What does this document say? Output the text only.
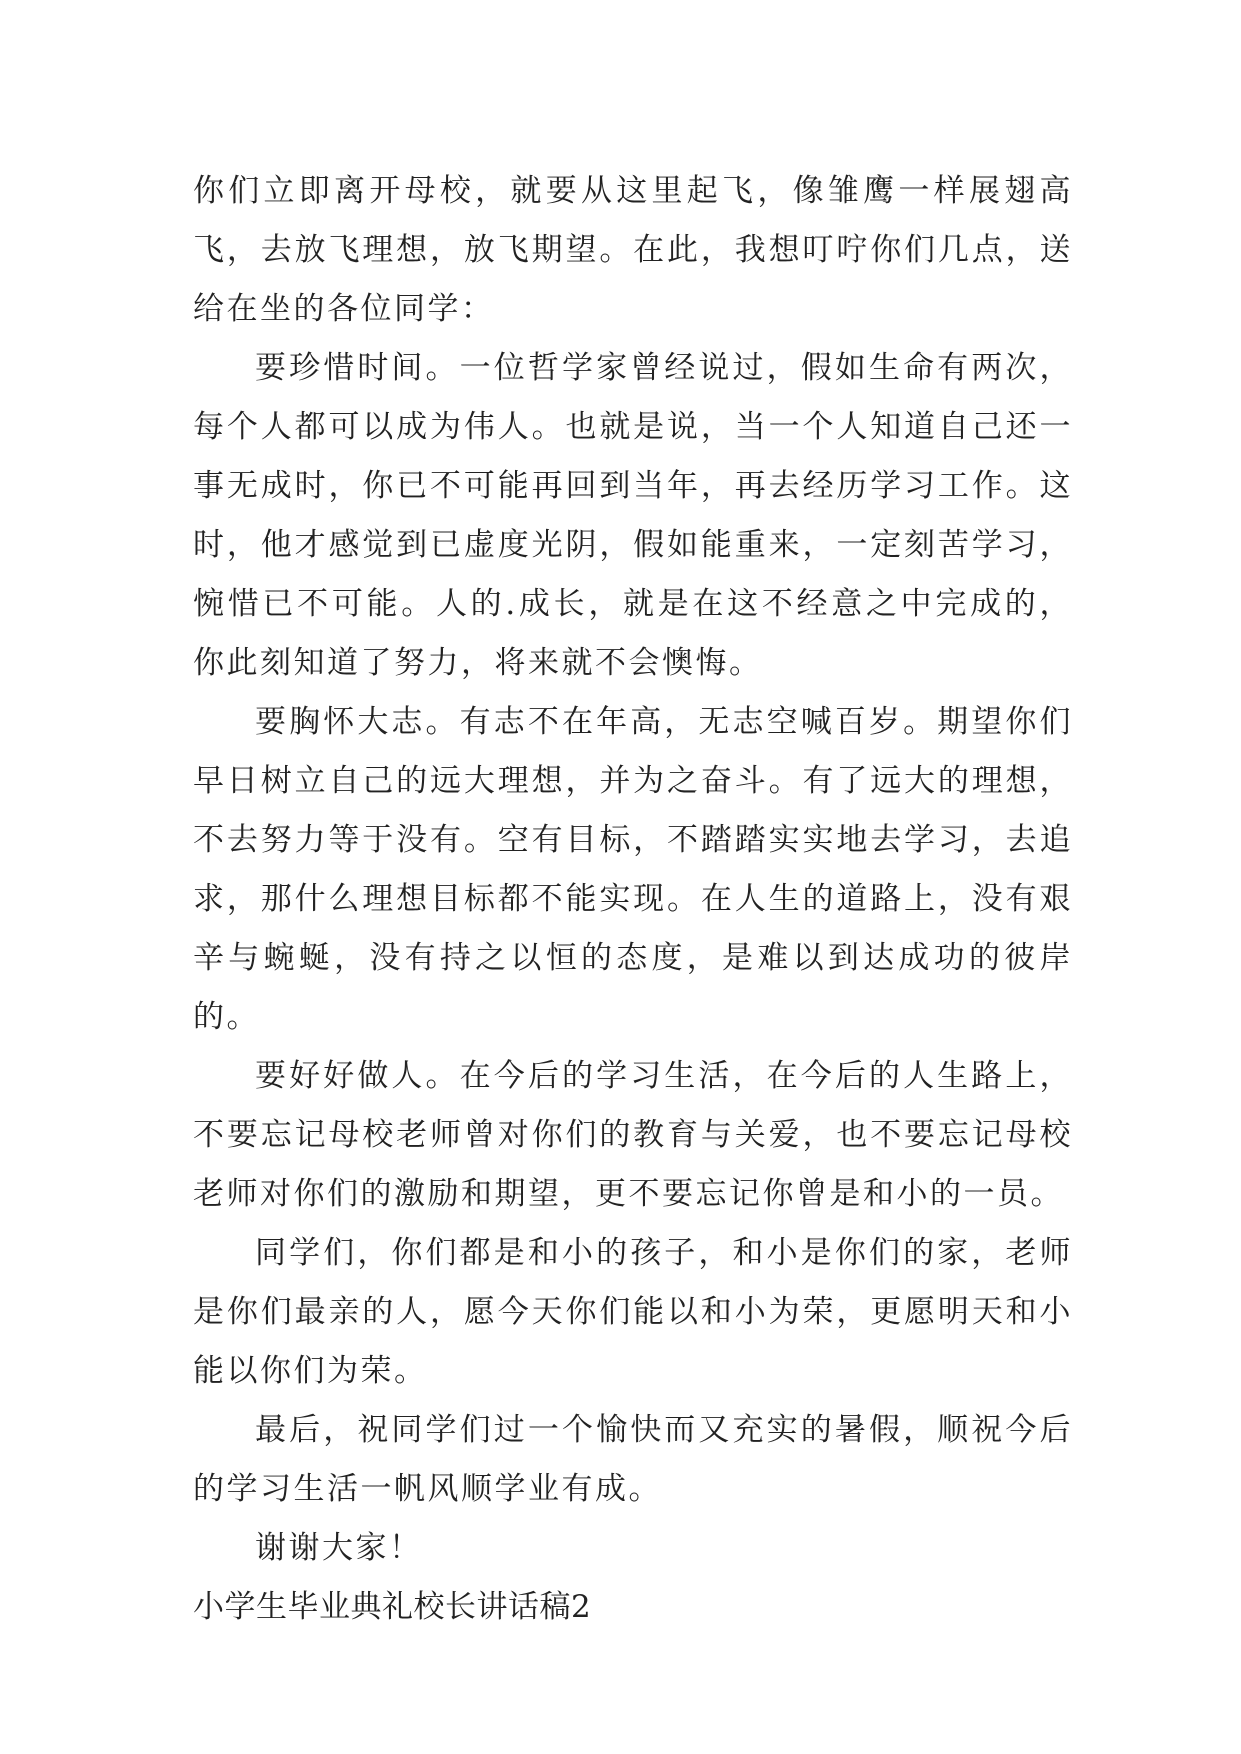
你们立即离开母校，就要从这里起飞，像雏鹰一样展翅高飞，去放飞理想，放飞期望。在此，我想叮咛你们几点，送给在坐的各位同学：

要珍惜时间。一位哲学家曾经说过，假如生命有两次，每个人都可以成为伟人。也就是说，当一个人知道自己还一事无成时，你已不可能再回到当年，再去经历学习工作。这时，他才感觉到已虚度光阴，假如能重来，一定刻苦学习，惋惜已不可能。人的.成长，就是在这不经意之中完成的，你此刻知道了努力，将来就不会懊悔。

要胸怀大志。有志不在年高，无志空喊百岁。期望你们早日树立自己的远大理想，并为之奋斗。有了远大的理想，不去努力等于没有。空有目标，不踏踏实实地去学习，去追求，那什么理想目标都不能实现。在人生的道路上，没有艰辛与蜿蜒，没有持之以恒的态度，是难以到达成功的彼岸的。

要好好做人。在今后的学习生活，在今后的人生路上，不要忘记母校老师曾对你们的教育与关爱，也不要忘记母校老师对你们的激励和期望，更不要忘记你曾是和小的一员。

同学们，你们都是和小的孩子，和小是你们的家，老师是你们最亲的人，愿今天你们能以和小为荣，更愿明天和小能以你们为荣。

最后，祝同学们过一个愉快而又充实的暑假，顺祝今后的学习生活一帆风顺学业有成。

谢谢大家！

小学生毕业典礼校长讲话稿2
